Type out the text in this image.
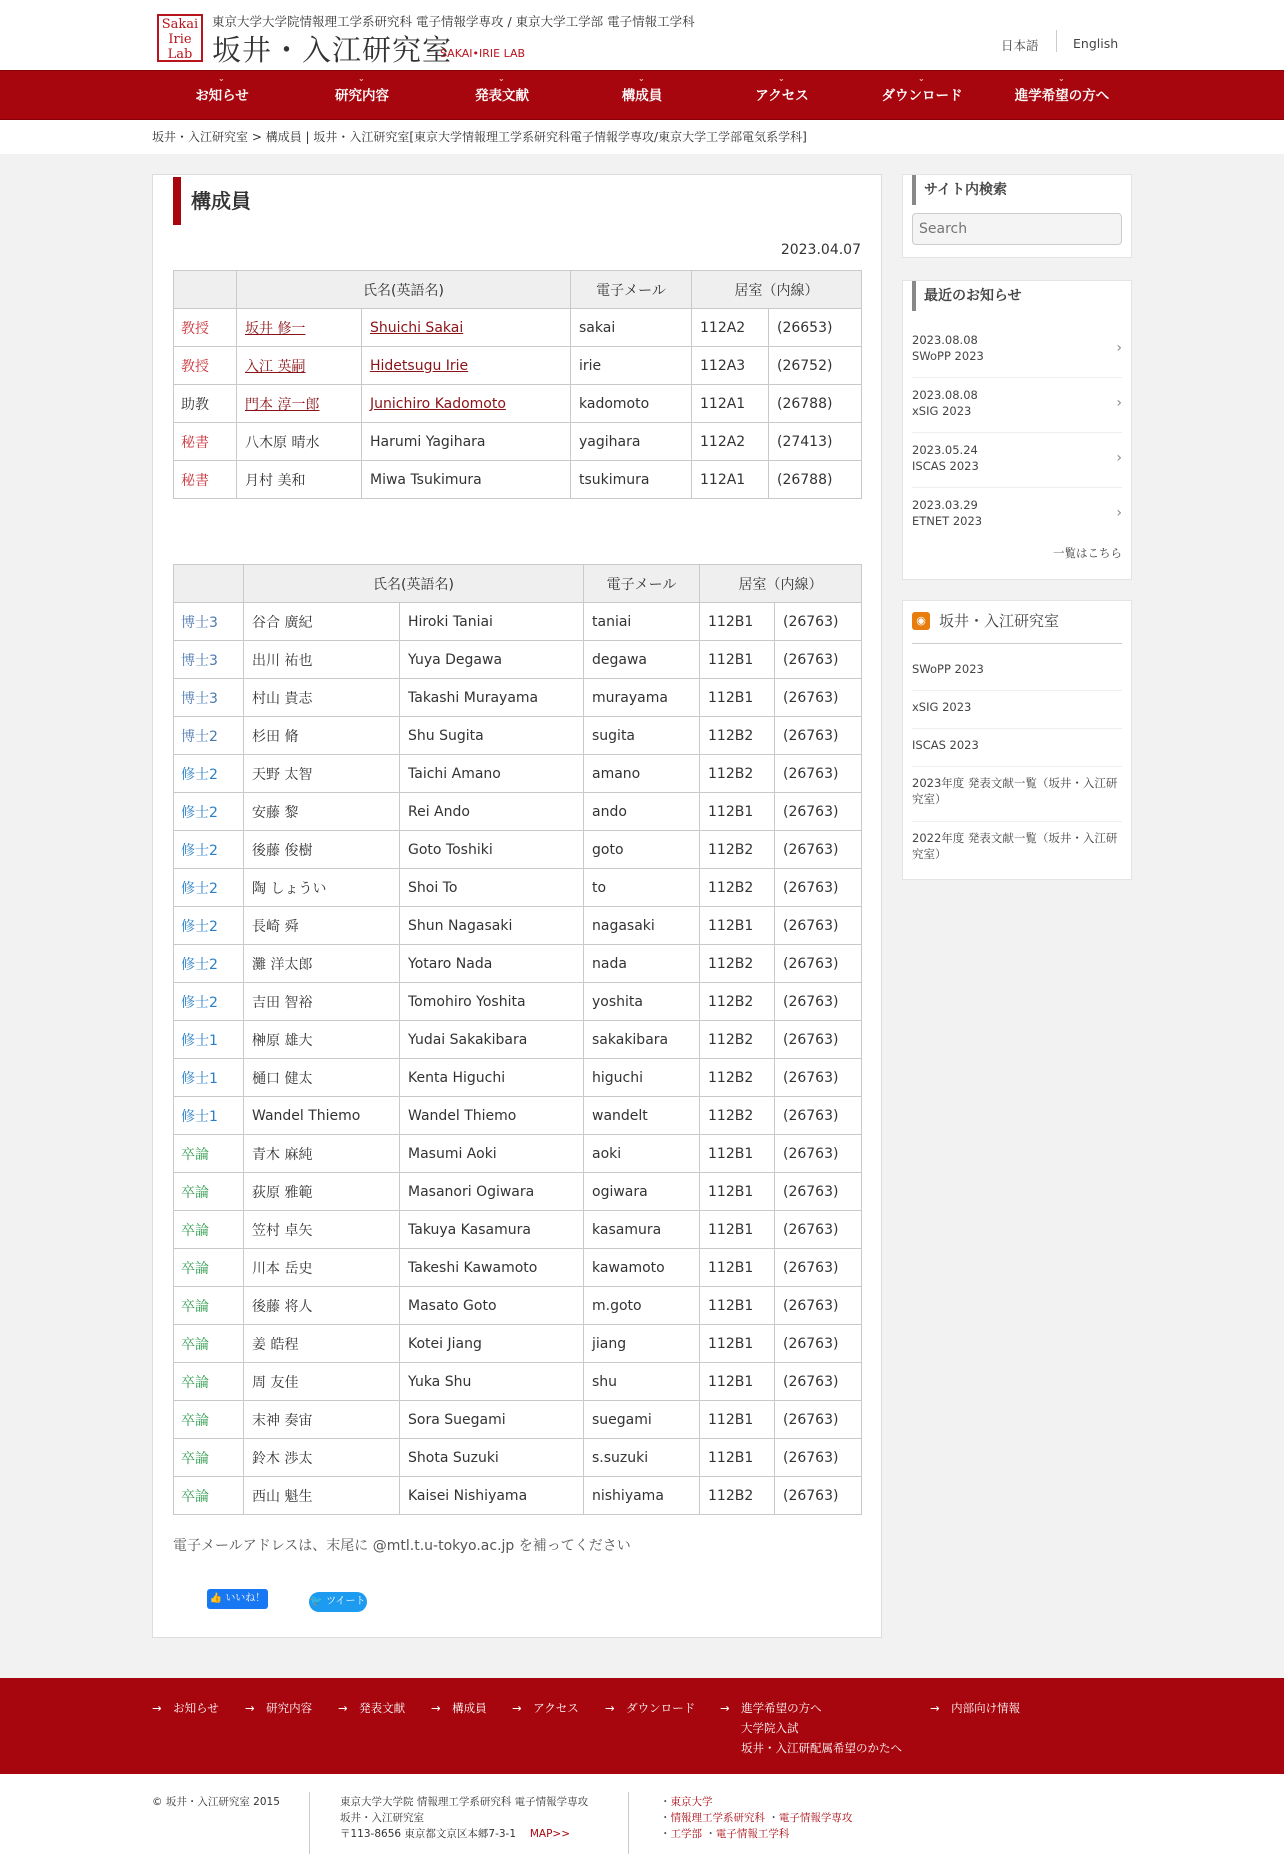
Sakai
Irie
Lab
東京大学大学院情報理工学系研究科 電子情報学専攻 / 東京大学工学部 電子情報工学科
坂井・入江研究室
SAKAI•IRIE LAB
日本語	English
⌄
お知らせ
⌄
研究内容
⌄
発表文献
⌄
構成員
⌄
アクセス
⌄
ダウンロード
⌄
進学希望の方へ
坂井・入江研究室 > 構成員 | 坂井・入江研究室[東京大学情報理工学系研究科電子情報学専攻/東京大学工学部電気系学科]
構成員
2023.04.07
	氏名(英語名)		電子メール	居室（内線）	
教授	坂井 修一	Shuichi Sakai	sakai	112A2	(26653)
教授	入江 英嗣	Hidetsugu Irie	irie	112A3	(26752)
助教	門本 淳一郎	Junichiro Kadomoto	kadomoto	112A1	(26788)
秘書	八木原 晴水	Harumi Yagihara	yagihara	112A2	(27413)
秘書	月村 美和	Miwa Tsukimura	tsukimura	112A1	(26788)
	氏名(英語名)		電子メール	居室（内線）	
博士3	谷合 廣紀	Hiroki Taniai	taniai	112B1	(26763)
博士3	出川 祐也	Yuya Degawa	degawa	112B1	(26763)
博士3	村山 貴志	Takashi Murayama	murayama	112B1	(26763)
博士2	杉田 脩	Shu Sugita	sugita	112B2	(26763)
修士2	天野 太智	Taichi Amano	amano	112B2	(26763)
修士2	安藤 黎	Rei Ando	ando	112B1	(26763)
修士2	後藤 俊樹	Goto Toshiki	goto	112B2	(26763)
修士2	陶 しょうい	Shoi To	to	112B2	(26763)
修士2	長崎 舜	Shun Nagasaki	nagasaki	112B1	(26763)
修士2	灘 洋太郎	Yotaro Nada	nada	112B2	(26763)
修士2	吉田 智裕	Tomohiro Yoshita	yoshita	112B2	(26763)
修士1	榊原 雄大	Yudai Sakakibara	sakakibara	112B2	(26763)
修士1	樋口 健太	Kenta Higuchi	higuchi	112B2	(26763)
修士1	Wandel Thiemo	Wandel Thiemo	wandelt	112B2	(26763)
卒論	青木 麻純	Masumi Aoki	aoki	112B1	(26763)
卒論	荻原 雅範	Masanori Ogiwara	ogiwara	112B1	(26763)
卒論	笠村 卓矢	Takuya Kasamura	kasamura	112B1	(26763)
卒論	川本 岳史	Takeshi Kawamoto	kawamoto	112B1	(26763)
卒論	後藤 将人	Masato Goto	m.goto	112B1	(26763)
卒論	姜 皓程	Kotei Jiang	jiang	112B1	(26763)
卒論	周 友佳	Yuka Shu	shu	112B1	(26763)
卒論	末神 奏宙	Sora Suegami	suegami	112B1	(26763)
卒論	鈴木 渉太	Shota Suzuki	s.suzuki	112B1	(26763)
卒論	西山 魁生	Kaisei Nishiyama	nishiyama	112B2	(26763)
電子メールアドレスは、末尾に @mtl.t.u-tokyo.ac.jp を補ってください
👍 いいね！ 5
🐦 ツイート
サイト内検索
Search
最近のお知らせ
2023.08.08
SWoPP 2023	›
2023.08.08
xSIG 2023	›
2023.05.24
ISCAS 2023	›
2023.03.29
ETNET 2023	›
一覧はこちら
◉ 坂井・入江研究室
SWoPP 2023
xSIG 2023
ISCAS 2023
2023年度 発表文献一覧（坂井・入江研究室）
2022年度 発表文献一覧（坂井・入江研究室）
→　 お知らせ →　 研究内容 →　 発表文献 →　 構成員 →　 アクセス →　 ダウンロード →　 進学希望の方へ	→　 内部向け情報
大学院入試
坂井・入江研配属希望のかたへ
© 坂井・入江研究室 2015	東京大学大学院 情報理工学系研究科 電子情報学専攻
坂井・入江研究室
〒113-8656 東京都文京区本郷7-3-1　 MAP>>
・東京大学
・情報理工学系研究科 ・電子情報学専攻
・工学部 ・電子情報工学科
